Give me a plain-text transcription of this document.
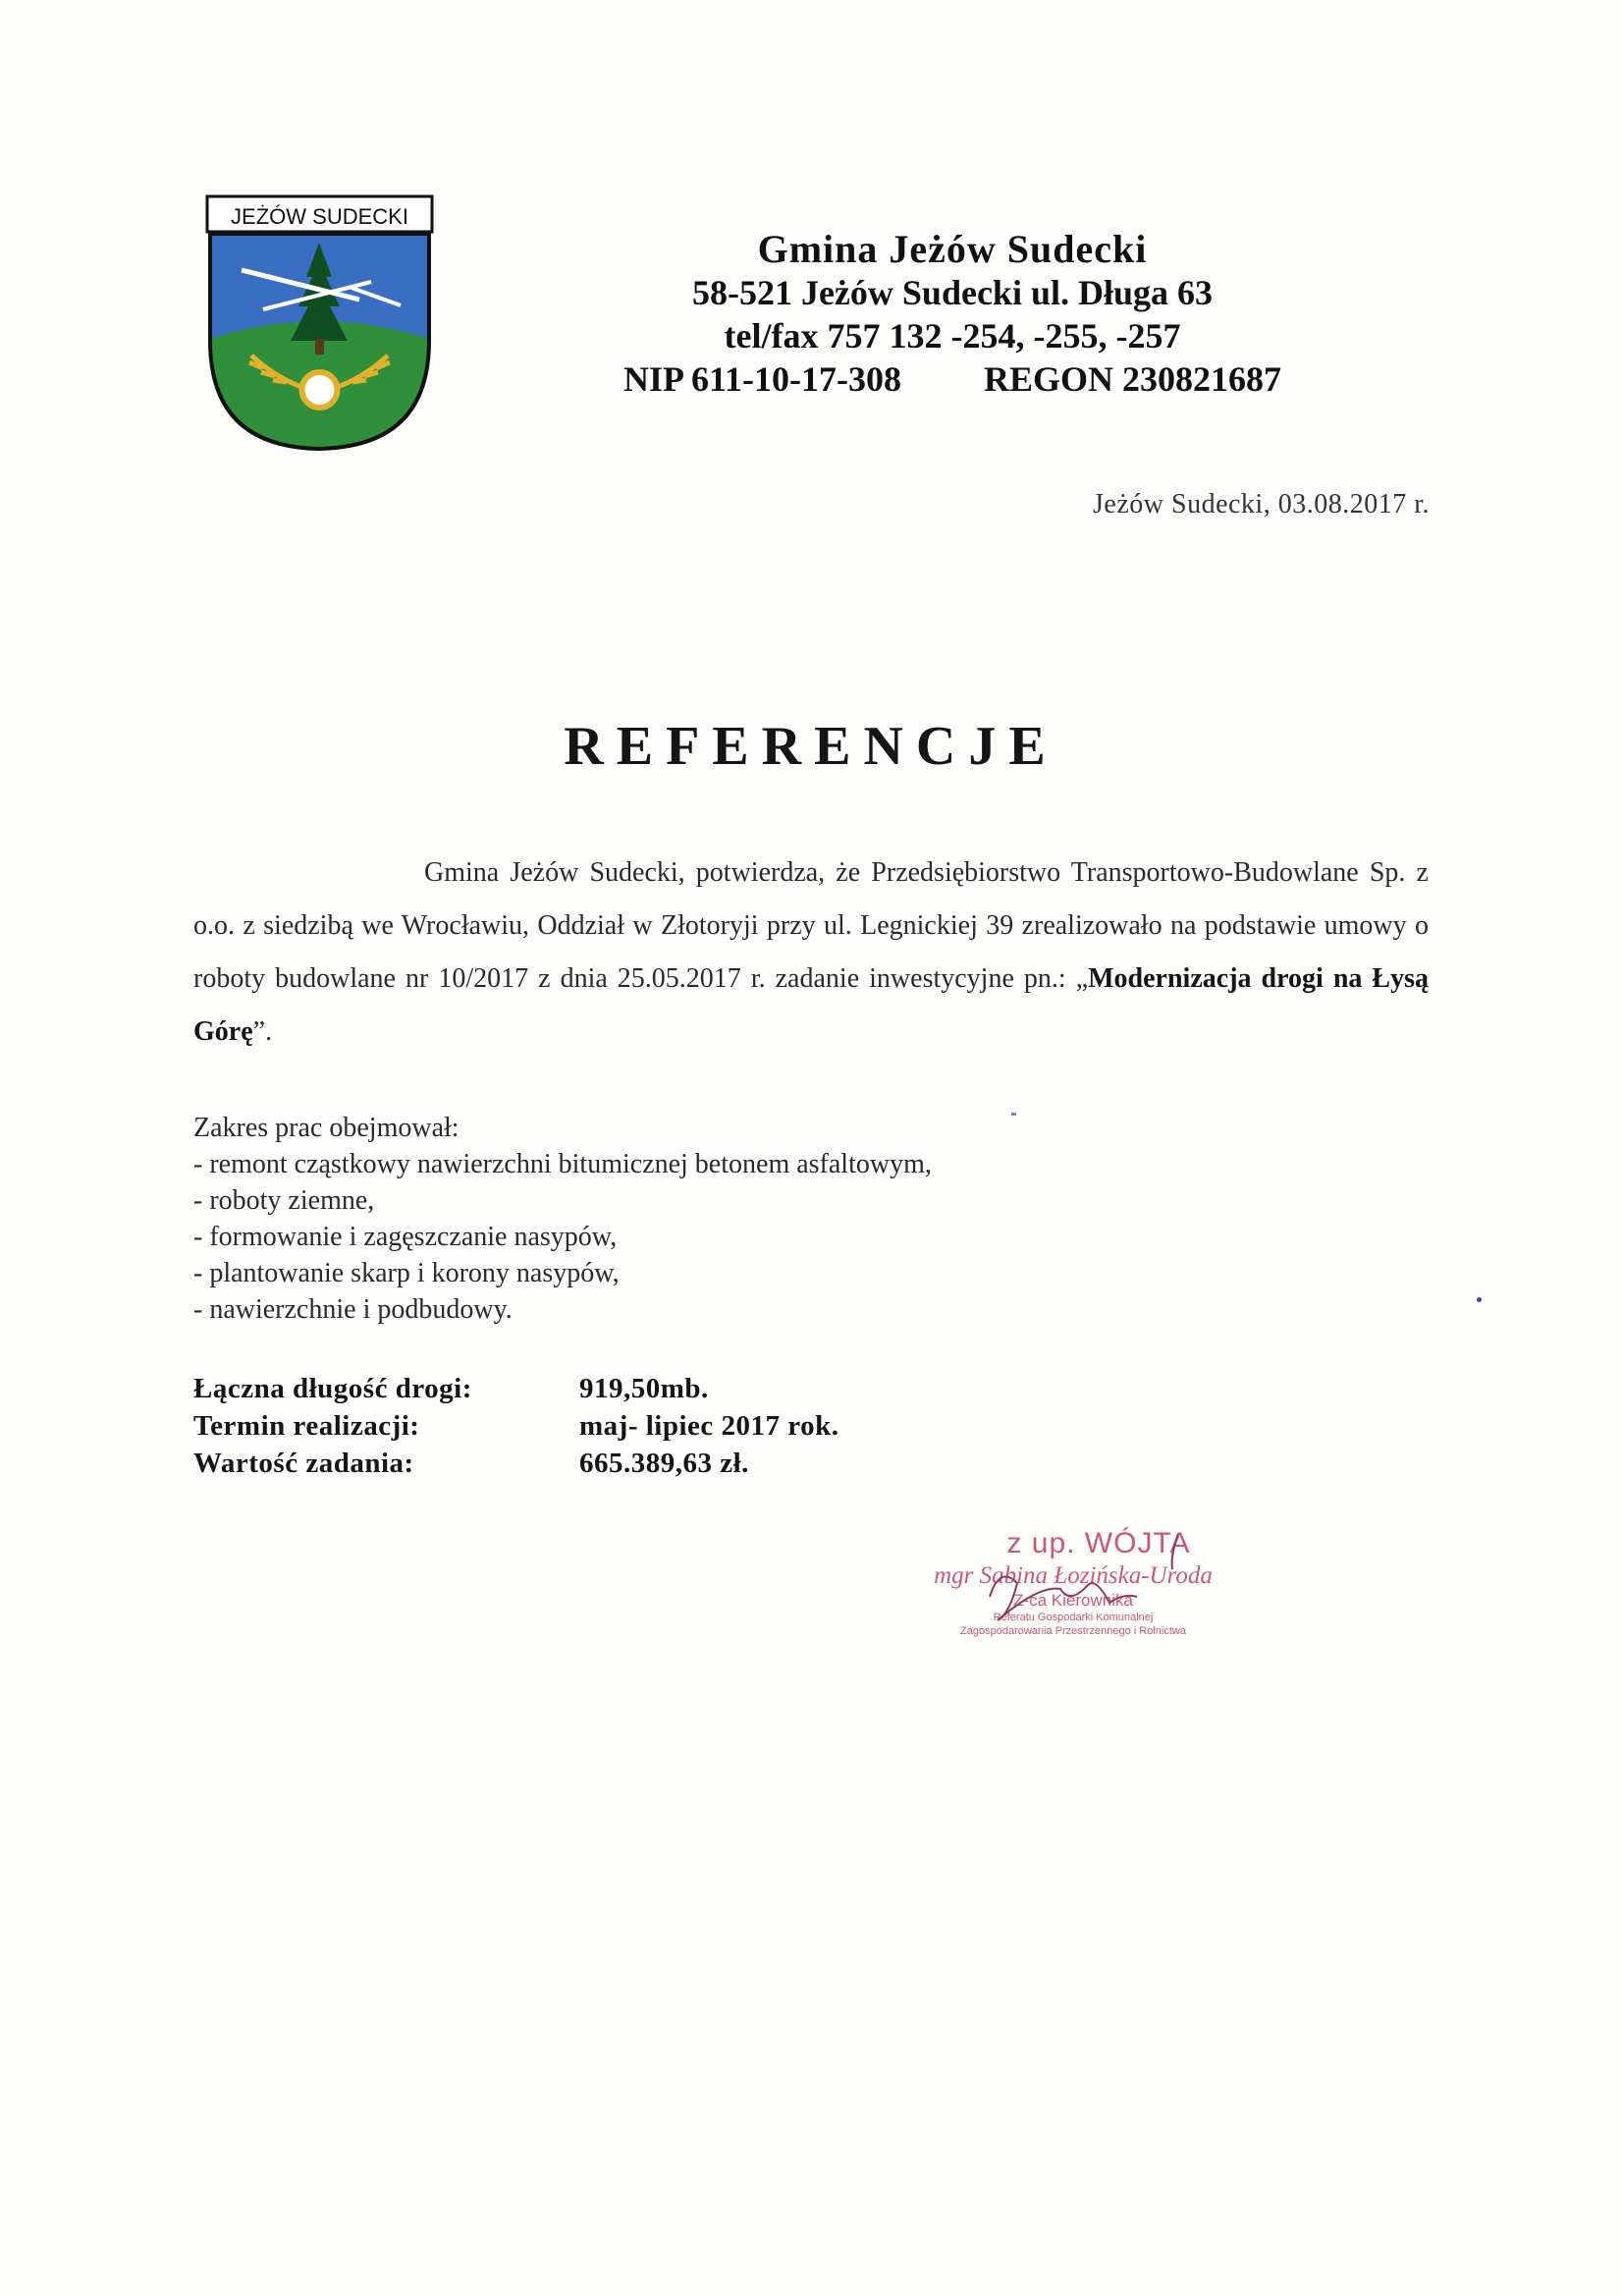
JEŻÓW SUDECKI
Gmina Jeżów Sudecki
58-521 Jeżów Sudecki ul. Długa 63
tel/fax 757 132 -254, -255, -257
NIP 611-10-17-308 REGON 230821687
Jeżów Sudecki, 03.08.2017 r.
REFERENCJE

Gmina Jeżów Sudecki, potwierdza, że Przedsiębiorstwo Transportowo-Budowlane Sp. z o.o. z siedzibą we Wrocławiu, Oddział w Złotoryji przy ul. Legnickiej 39 zrealizowało na podstawie umowy o roboty budowlane nr 10/2017 z dnia 25.05.2017 r. zadanie inwestycyjne pn.: „Modernizacja drogi na Łysą Górę”.

Zakres prac obejmował:
- remont cząstkowy nawierzchni bitumicznej betonem asfaltowym,
- roboty ziemne,
- formowanie i zagęszczanie nasypów,
- plantowanie skarp i korony nasypów,
- nawierzchnie i podbudowy.
Łączna długość drogi:	919,50mb.
Termin realizacji:	maj- lipiec 2017 rok.
Wartość zadania:	665.389,63 zł.
z up. WÓJTA
mgr Sabina Łozińska-Uroda
Z-ca Kierownika
Referatu Gospodarki Komunalnej
Zagospodarowania Przestrzennego i Rolnictwa
